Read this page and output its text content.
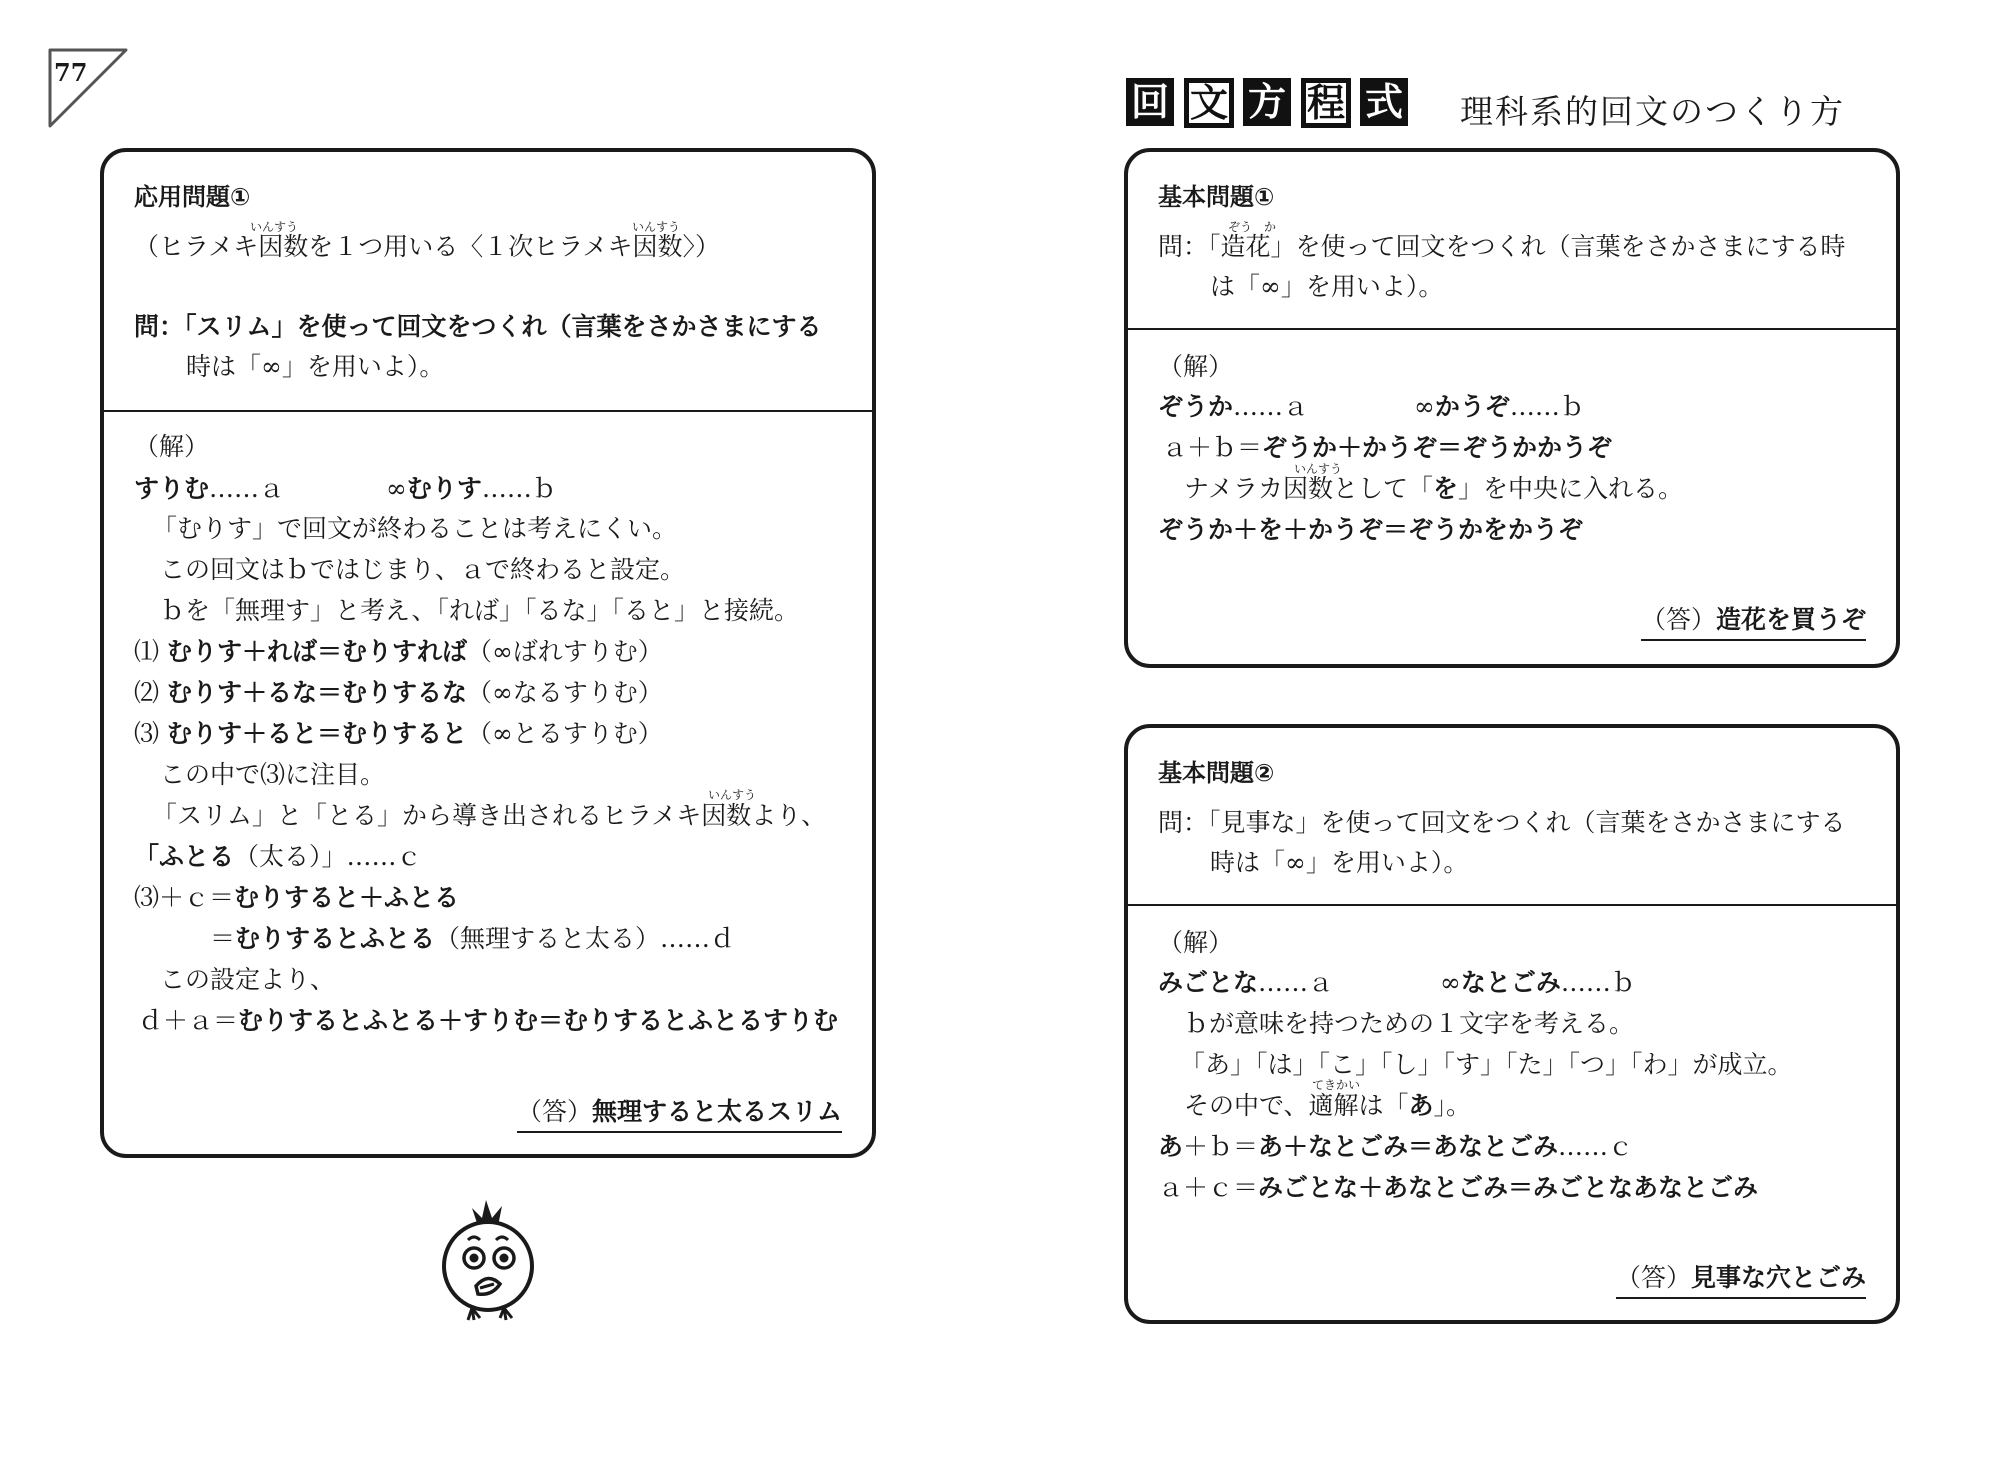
77
回 文 方 程 式 理科系的回文のつくり方
応用問題①
いんすう	いんすう
（ヒラメキ因数を１つ用いる〈１次ヒラメキ因数〉）
問：「スリム」を使って回文をつくれ（言葉をさかさまにする
時は「∞」を用いよ）。
（解）
すりむ……ａ	∞むりす……ｂ
「むりす」で回文が終わることは考えにくい。
この回文はｂではじまり、ａで終わると設定。
ｂを「無理す」と考え、「れば」「るな」「ると」と接続。
⑴ むりす＋れば＝むりすれば（∞ばれすりむ）
⑵ むりす＋るな＝むりするな（∞なるすりむ）
⑶ むりす＋ると＝むりすると（∞とるすりむ）
この中で⑶に注目。
いんすう
「スリム」と「とる」から導き出されるヒラメキ因数より、
「ふとる（太る）」……ｃ
⑶＋ｃ＝むりすると＋ふとる
＝むりするとふとる（無理すると太る）……ｄ
この設定より、
ｄ＋ａ＝むりするとふとる＋すりむ＝むりするとふとるすりむ
（答）無理すると太るスリム
基本問題①
ぞう　か
問：「造花」を使って回文をつくれ（言葉をさかさまにする時
は「∞」を用いよ）。
（解）
ぞうか……ａ	∞かうぞ……ｂ
ａ＋ｂ＝ぞうか＋かうぞ＝ぞうかかうぞ
いんすう
ナメラカ因数として「を」を中央に入れる。
ぞうか＋を＋かうぞ＝ぞうかをかうぞ
（答）造花を買うぞ
基本問題②
問：「見事な」を使って回文をつくれ（言葉をさかさまにする
時は「∞」を用いよ）。
（解）
みごとな……ａ	∞なとごみ……ｂ
ｂが意味を持つための１文字を考える。
「あ」「は」「こ」「し」「す」「た」「つ」「わ」が成立。
てきかい
その中で、適解は「あ」。
あ＋ｂ＝あ＋なとごみ＝あなとごみ……ｃ
ａ＋ｃ＝みごとな＋あなとごみ＝みごとなあなとごみ
（答）見事な穴とごみ
